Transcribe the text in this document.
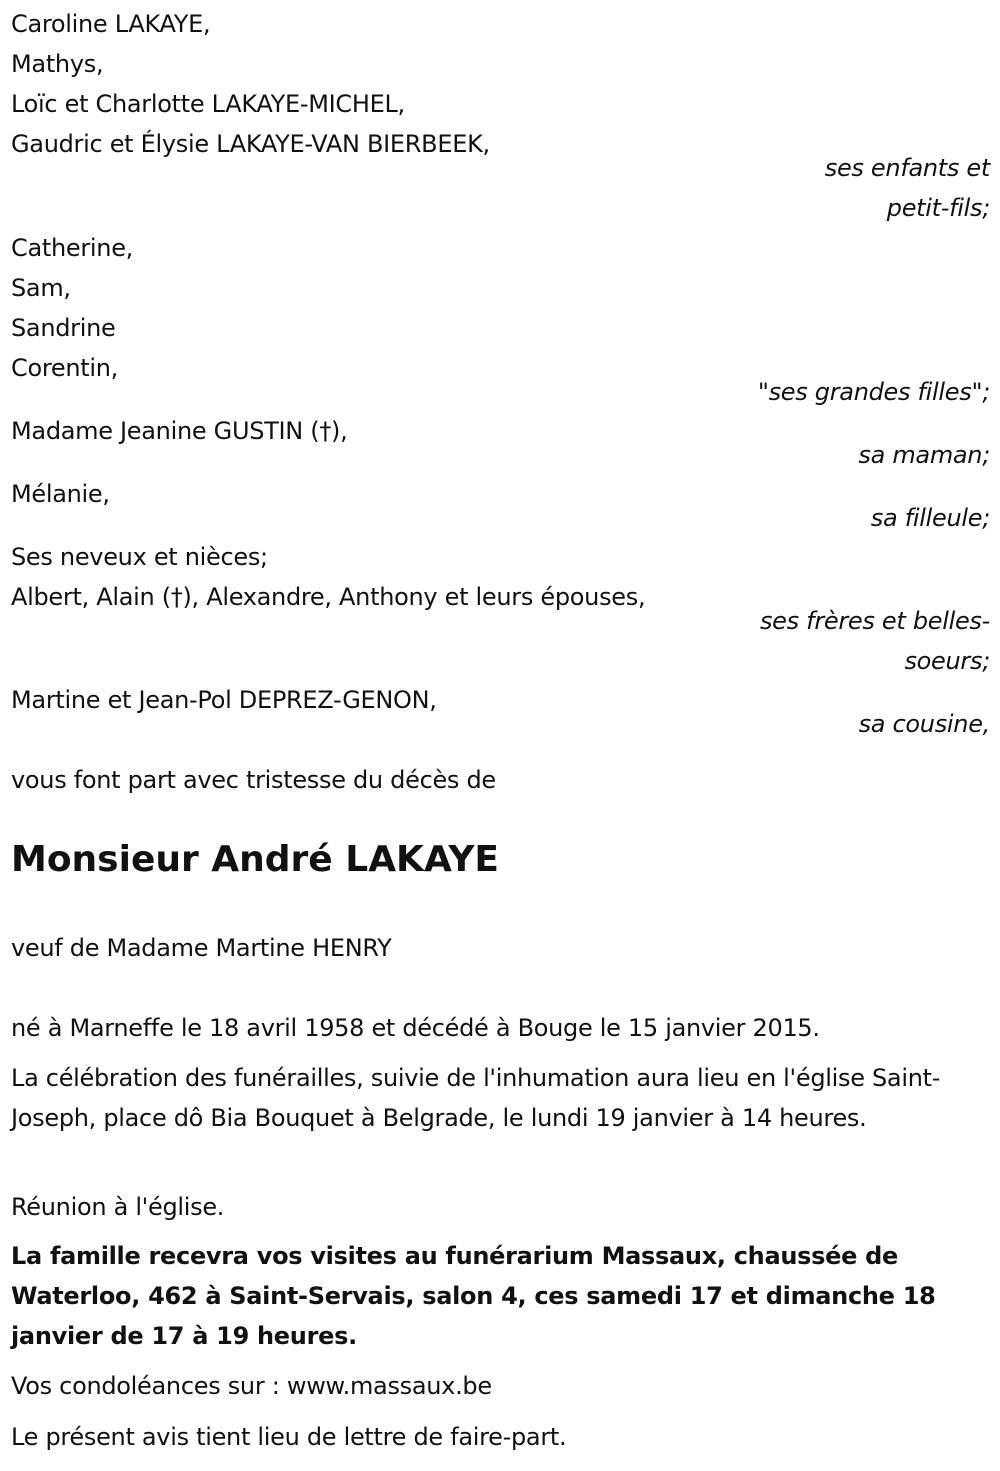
Caroline LAKAYE,
Mathys,
Loïc et Charlotte LAKAYE-MICHEL,
Gaudric et Élysie LAKAYE-VAN BIERBEEK,
ses enfants et
petit-fils;
Catherine,
Sam,
Sandrine
Corentin,
"ses grandes filles";
Madame Jeanine GUSTIN (†),
sa maman;
Mélanie,
sa filleule;
Ses neveux et nièces;
Albert, Alain (†), Alexandre, Anthony et leurs épouses,
ses frères et belles-
soeurs;
Martine et Jean-Pol DEPREZ-GENON,
sa cousine,
vous font part avec tristesse du décès de
Monsieur André LAKAYE
veuf de Madame Martine HENRY
né à Marneffe le 18 avril 1958 et décédé à Bouge le 15 janvier 2015.
La célébration des funérailles, suivie de l'inhumation aura lieu en l'église Saint-Joseph, place dô Bia Bouquet à Belgrade, le lundi 19 janvier à 14 heures.
Réunion à l'église.
La famille recevra vos visites au funérarium Massaux, chaussée de Waterloo, 462 à Saint-Servais, salon 4, ces samedi 17 et dimanche 18 janvier de 17 à 19 heures.
Vos condoléances sur : www.massaux.be
Le présent avis tient lieu de lettre de faire-part.
